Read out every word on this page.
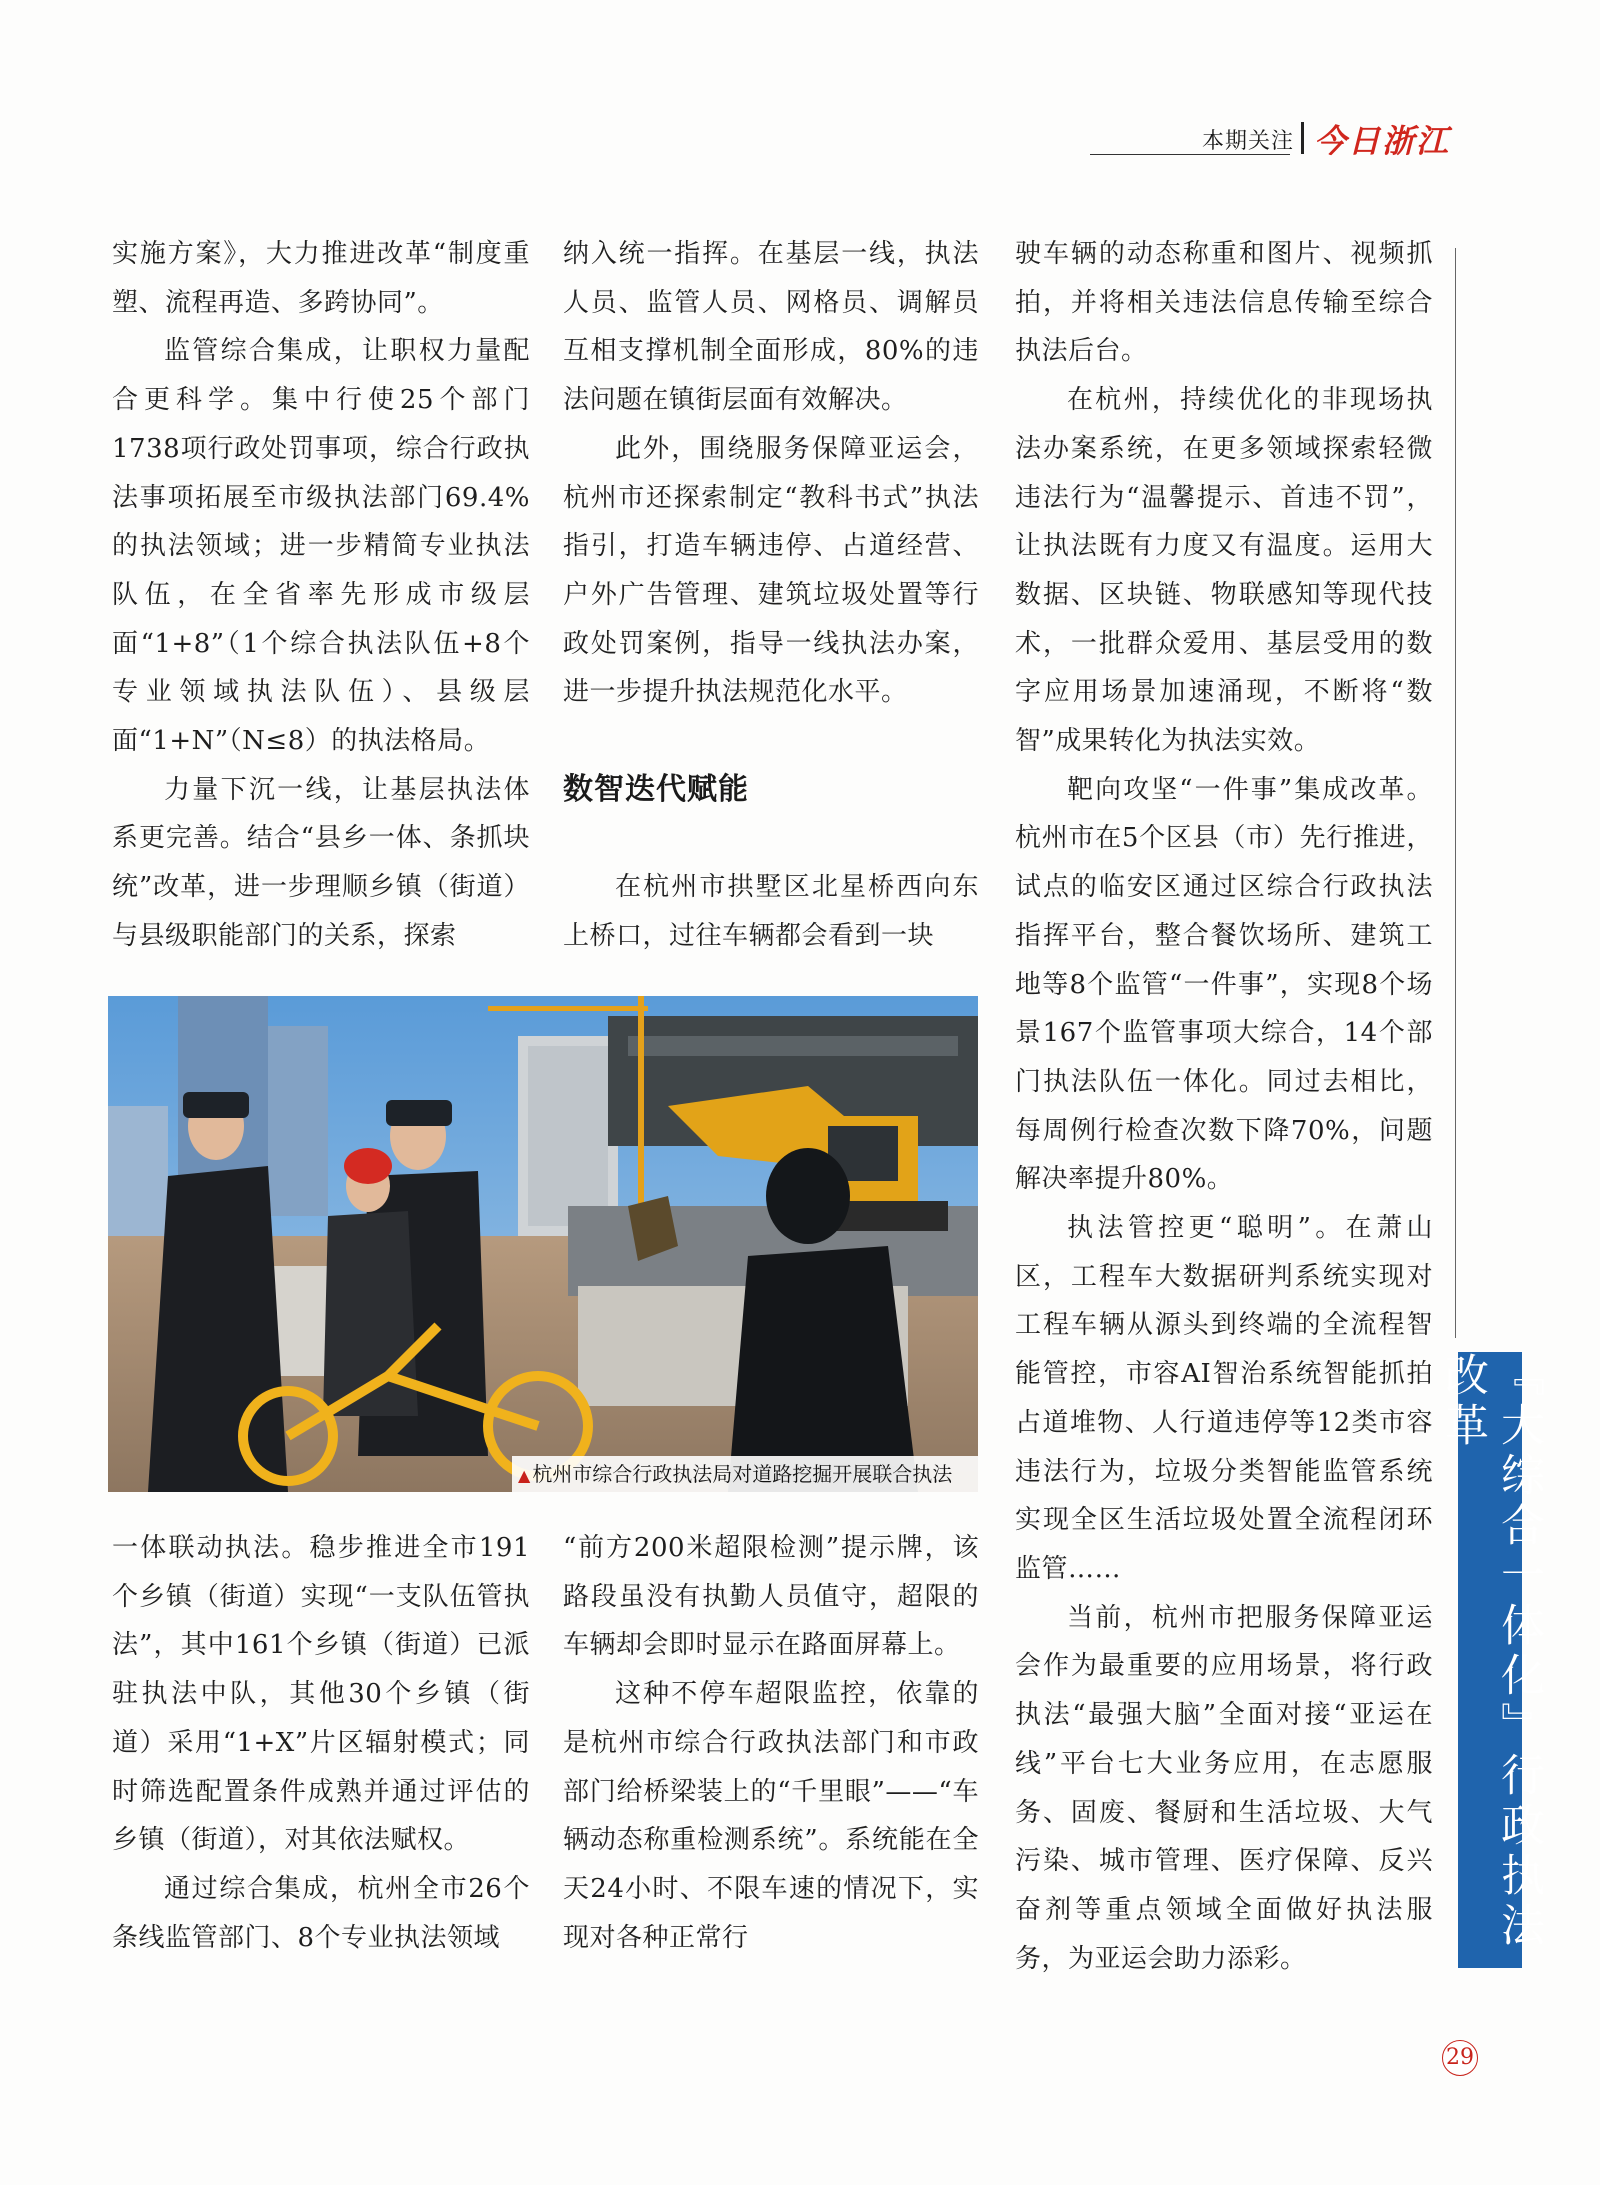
本期关注 今日浙江

实施方案》，大力推进改革“制度重塑、流程再造、多跨协同”。

监管综合集成，让职权力量配合更科学。集中行使25个部门1738项行政处罚事项，综合行政执法事项拓展至市级执法部门69.4%的执法领域；进一步精简专业执法队伍，在全省率先形成市级层面“1+8”（1个综合执法队伍+8个专业领域执法队伍）、县级层面“1+N”（N≤8）的执法格局。

力量下沉一线，让基层执法体系更完善。结合“县乡一体、条抓块统”改革，进一步理顺乡镇（街道）与县级职能部门的关系，探索

纳入统一指挥。在基层一线，执法人员、监管人员、网格员、调解员互相支撑机制全面形成，80%的违法问题在镇街层面有效解决。

此外，围绕服务保障亚运会，杭州市还探索制定“教科书式”执法指引，打造车辆违停、占道经营、户外广告管理、建筑垃圾处置等行政处罚案例，指导一线执法办案，进一步提升执法规范化水平。

数智迭代赋能

在杭州市拱墅区北星桥西向东上桥口，过往车辆都会看到一块

驶车辆的动态称重和图片、视频抓拍，并将相关违法信息传输至综合执法后台。

在杭州，持续优化的非现场执法办案系统，在更多领域探索轻微违法行为“温馨提示、首违不罚”，让执法既有力度又有温度。运用大数据、区块链、物联感知等现代技术，一批群众爱用、基层受用的数字应用场景加速涌现，不断将“数智”成果转化为执法实效。

靶向攻坚“一件事”集成改革。杭州市在5个区县（市）先行推进，试点的临安区通过区综合行政执法指挥平台，整合餐饮场所、建筑工地等8个监管“一件事”，实现8个场景167个监管事项大综合，14个部门执法队伍一体化。同过去相比，每周例行检查次数下降70%，问题解决率提升80%。

执法管控更“聪明”。在萧山区，工程车大数据研判系统实现对工程车辆从源头到终端的全流程智能管控，市容AI智治系统智能抓拍占道堆物、人行道违停等12类市容违法行为，垃圾分类智能监管系统实现全区生活垃圾处置全流程闭环监管……

当前，杭州市把服务保障亚运会作为最重要的应用场景，将行政执法“最强大脑”全面对接“亚运在线”平台七大业务应用，在志愿服务、固废、餐厨和生活垃圾、大气污染、城市管理、医疗保障、反兴奋剂等重点领域全面做好执法服务，为亚运会助力添彩。

▲ 杭州市综合行政执法局对道路挖掘开展联合执法

一体联动执法。稳步推进全市191个乡镇（街道）实现“一支队伍管执法”，其中161个乡镇（街道）已派驻执法中队，其他30个乡镇（街道）采用“1+X”片区辐射模式；同时筛选配置条件成熟并通过评估的乡镇（街道），对其依法赋权。

通过综合集成，杭州全市26个条线监管部门、8个专业执法领域

“前方200米超限检测”提示牌，该路段虽没有执勤人员值守，超限的车辆却会即时显示在路面屏幕上。

这种不停车超限监控，依靠的是杭州市综合行政执法部门和市政部门给桥梁装上的“千里眼”——“车辆动态称重检测系统”。系统能在全天24小时、不限车速的情况下，实现对各种正常行	『大综合一体化』行政执法改革
29
